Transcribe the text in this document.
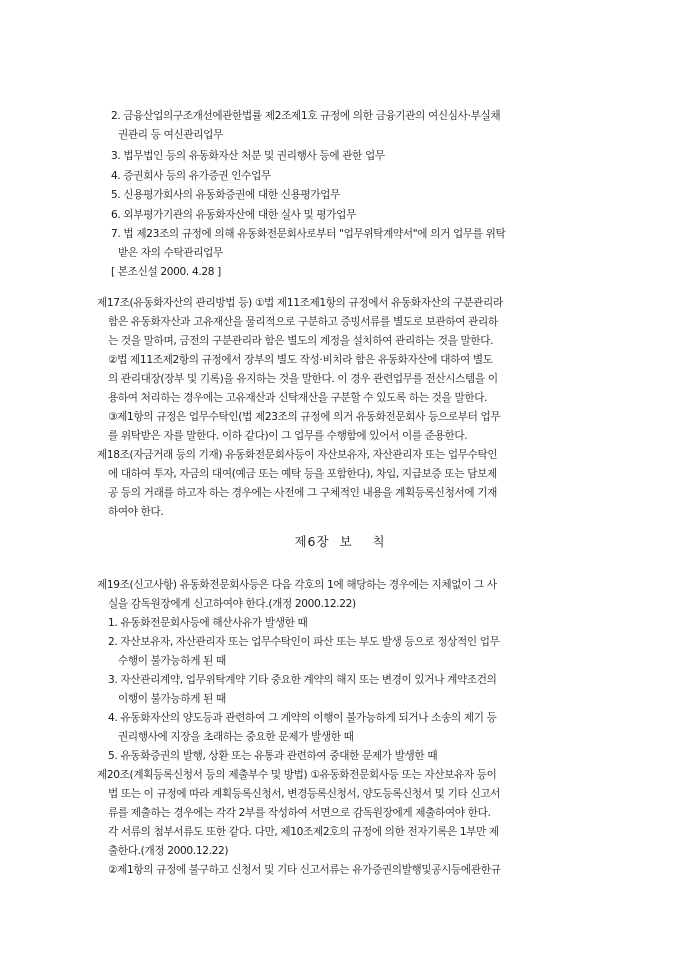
2. 금융산업의구조개선에관한법률 제2조제1호 규정에 의한 금융기관의 여신심사·부실채
권관리 등 여신관리업무
3. 법무법인 등의 유동화자산 처분 및 권리행사 등에 관한 업무
4. 증권회사 등의 유가증권 인수업무
5. 신용평가회사의 유동화증권에 대한 신용평가업무
6. 외부평가기관의 유동화자산에 대한 실사 및 평가업무
7. 법 제23조의 규정에 의해 유동화전문회사로부터 "업무위탁계약서"에 의거 업무를 위탁
받은 자의 수탁관리업무
[ 본조신설 2000. 4.28 ]
제17조(유동화자산의 관리방법 등) ①법 제11조제1항의 규정에서 유동화자산의 구분관리라
함은 유동화자산과 고유재산을 물리적으로 구분하고 증빙서류를 별도로 보관하여 관리하
는 것을 말하며, 금전의 구분관리라 함은 별도의 계정을 설치하여 관리하는 것을 말한다.
②법 제11조제2항의 규정에서 장부의 별도 작성·비치라 함은 유동화자산에 대하여 별도
의 관리대장(장부 및 기록)을 유지하는 것을 말한다. 이 경우 관련업무를 전산시스템을 이
용하여 처리하는 경우에는 고유재산과 신탁재산을 구분할 수 있도록 하는 것을 말한다.
③제1항의 규정은 업무수탁인(법 제23조의 규정에 의거 유동화전문회사 등으로부터 업무
를 위탁받은 자를 말한다. 이하 같다)이 그 업무를 수행함에 있어서 이를 준용한다.
제18조(자금거래 등의 기재) 유동화전문회사등이 자산보유자, 자산관리자 또는 업무수탁인
에 대하여 투자, 자금의 대여(예금 또는 예탁 등을 포함한다), 차입, 지급보증 또는 담보제
공 등의 거래를 하고자 하는 경우에는 사전에 그 구체적인 내용을 계획등록신청서에 기재
하여야 한다.
제6장  보    칙
제19조(신고사항) 유동화전문회사등은 다음 각호의 1에 해당하는 경우에는 지체없이 그 사
실을 감독원장에게 신고하여야 한다.(개정 2000.12.22)
1. 유동화전문회사등에 해산사유가 발생한 때
2. 자산보유자, 자산관리자 또는 업무수탁인이 파산 또는 부도 발생 등으로 정상적인 업무
수행이 불가능하게 된 때
3. 자산관리계약, 업무위탁계약 기타 중요한 계약의 해지 또는 변경이 있거나 계약조건의
이행이 불가능하게 된 때
4. 유동화자산의 양도등과 관련하여 그 계약의 이행이 불가능하게 되거나 소송의 제기 등
권리행사에 지장을 초래하는 중요한 문제가 발생한 때
5. 유동화증권의 발행, 상환 또는 유통과 관련하여 중대한 문제가 발생한 때
제20조(계획등록신청서 등의 제출부수 및 방법) ①유동화전문회사등 또는 자산보유자 등이
법 또는 이 규정에 따라 계획등록신청서, 변경등록신청서, 양도등록신청서 및 기타 신고서
류를 제출하는 경우에는 각각 2부를 작성하여 서면으로 감독원장에게 제출하여야 한다.
각 서류의 첨부서류도 또한 같다. 다만, 제10조제2호의 규정에 의한 전자기록은 1부만 제
출한다.(개정 2000.12.22)
②제1항의 규정에 불구하고 신청서 및 기타 신고서류는 유가증권의발행및공시등에관한규
